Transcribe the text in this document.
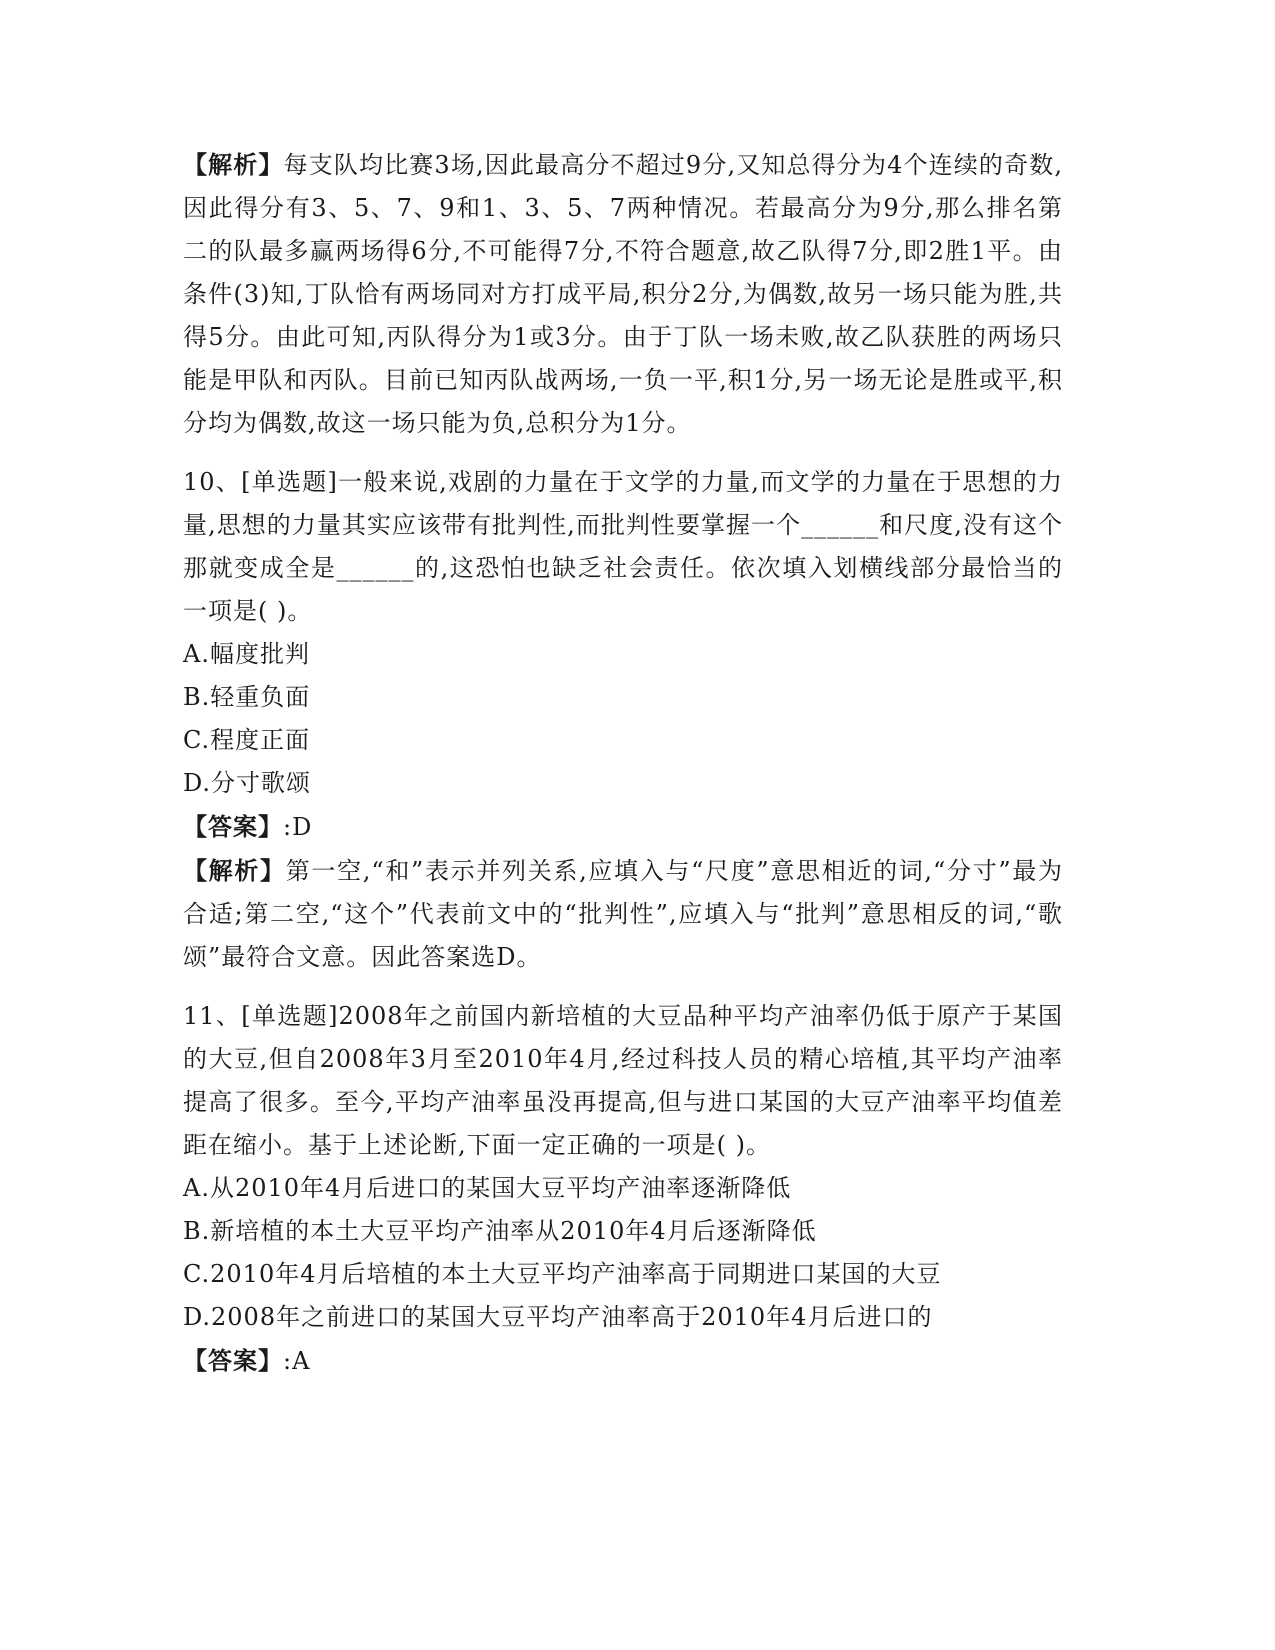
【解析】每支队均比赛3场,因此最高分不超过9分,又知总得分为4个连续的奇数,因此得分有3、5、7、9和1、3、5、7两种情况。若最高分为9分,那么排名第二的队最多赢两场得6分,不可能得7分,不符合题意,故乙队得7分,即2胜1平。由条件(3)知,丁队恰有两场同对方打成平局,积分2分,为偶数,故另一场只能为胜,共得5分。由此可知,丙队得分为1或3分。由于丁队一场未败,故乙队获胜的两场只能是甲队和丙队。目前已知丙队战两场,一负一平,积1分,另一场无论是胜或平,积分均为偶数,故这一场只能为负,总积分为1分。

10、[单选题]一般来说,戏剧的力量在于文学的力量,而文学的力量在于思想的力量,思想的力量其实应该带有批判性,而批判性要掌握一个______和尺度,没有这个那就变成全是______的,这恐怕也缺乏社会责任。依次填入划横线部分最恰当的一项是( )。

A.幅度批判
B.轻重负面
C.程度正面
D.分寸歌颂

【答案】:D

【解析】第一空,“和”表示并列关系,应填入与“尺度”意思相近的词,“分寸”最为合适;第二空,“这个”代表前文中的“批判性”,应填入与“批判”意思相反的词,“歌颂”最符合文意。因此答案选D。

11、[单选题]2008年之前国内新培植的大豆品种平均产油率仍低于原产于某国的大豆,但自2008年3月至2010年4月,经过科技人员的精心培植,其平均产油率提高了很多。至今,平均产油率虽没再提高,但与进口某国的大豆产油率平均值差距在缩小。基于上述论断,下面一定正确的一项是( )。

A.从2010年4月后进口的某国大豆平均产油率逐渐降低
B.新培植的本土大豆平均产油率从2010年4月后逐渐降低
C.2010年4月后培植的本土大豆平均产油率高于同期进口某国的大豆
D.2008年之前进口的某国大豆平均产油率高于2010年4月后进口的

【答案】:A
